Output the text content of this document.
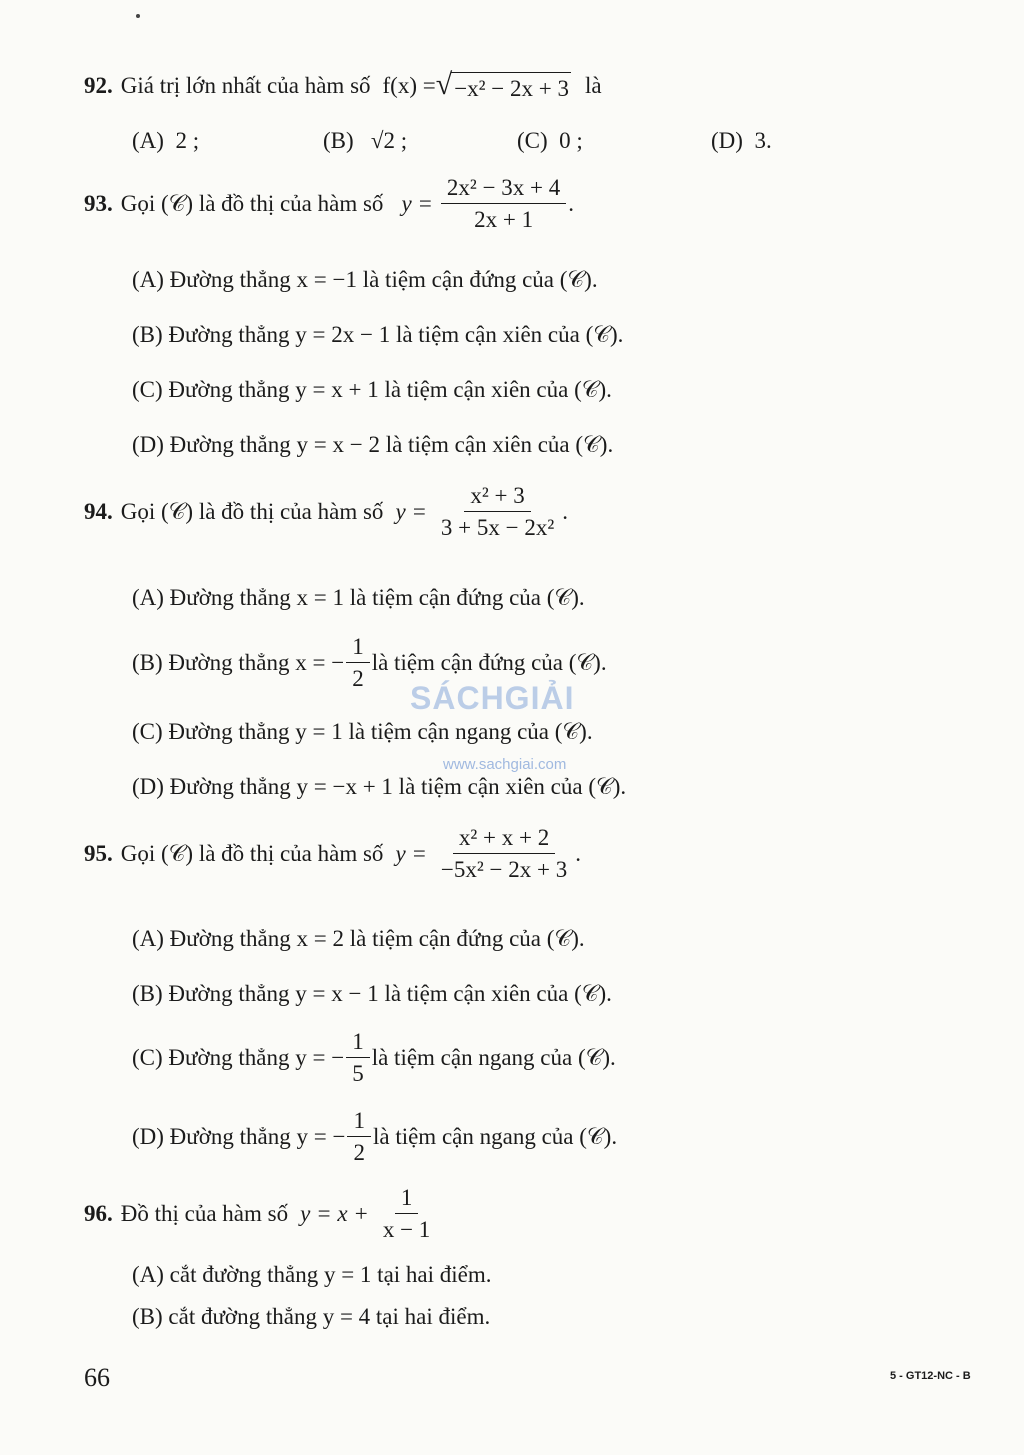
92. Giá trị lớn nhất của hàm số f(x) = √ −x² − 2x + 3 là
(A)
2 ;	(B)
√2 ;	(C)
0 ;	(D)
3.
93. Gọi (𝒞) là đồ thị của hàm số $y = \frac{\text{2x² − 3x + 4}}{2x + 1}$ .
(A) Đường thẳng x = −1 là tiệm cận đứng của (𝒞).
(B) Đường thẳng y = 2x − 1 là tiệm cận xiên của (𝒞).
(C) Đường thẳng y = x + 1 là tiệm cận xiên của (𝒞).
(D) Đường thẳng y = x − 2 là tiệm cận xiên của (𝒞).
94. Gọi (𝒞) là đồ thị của hàm số $y = \frac{\text{x² + 3}}{\text{3 + 5x − 2x²}}$ .
(A) Đường thẳng x = 1 là tiệm cận đứng của (𝒞).
(B) Đường thẳng x = − $\frac{1}{2}$ là tiệm cận đứng của (𝒞).
(C) Đường thẳng y = 1 là tiệm cận ngang của (𝒞).
(D) Đường thẳng y = −x + 1 là tiệm cận xiên của (𝒞).
95. Gọi (𝒞) là đồ thị của hàm số $y = \frac{\text{x² + x + 2}}{\text{−5x² − 2x + 3}}$ .
(A) Đường thẳng x = 2 là tiệm cận đứng của (𝒞).
(B) Đường thẳng y = x − 1 là tiệm cận xiên của (𝒞).
(C) Đường thẳng y = − $\frac{1}{5}$ là tiệm cận ngang của (𝒞).
(D) Đường thẳng y = − $\frac{1}{2}$ là tiệm cận ngang của (𝒞).
96. Đồ thị của hàm số $y = x + \frac{1}{x - 1}$
(A) cắt đường thẳng y = 1 tại hai điểm.
(B) cắt đường thẳng y = 4 tại hai điểm.
SÁCHGIẢI
www.sachgiai.com
66	5 - GT12-NC - B
